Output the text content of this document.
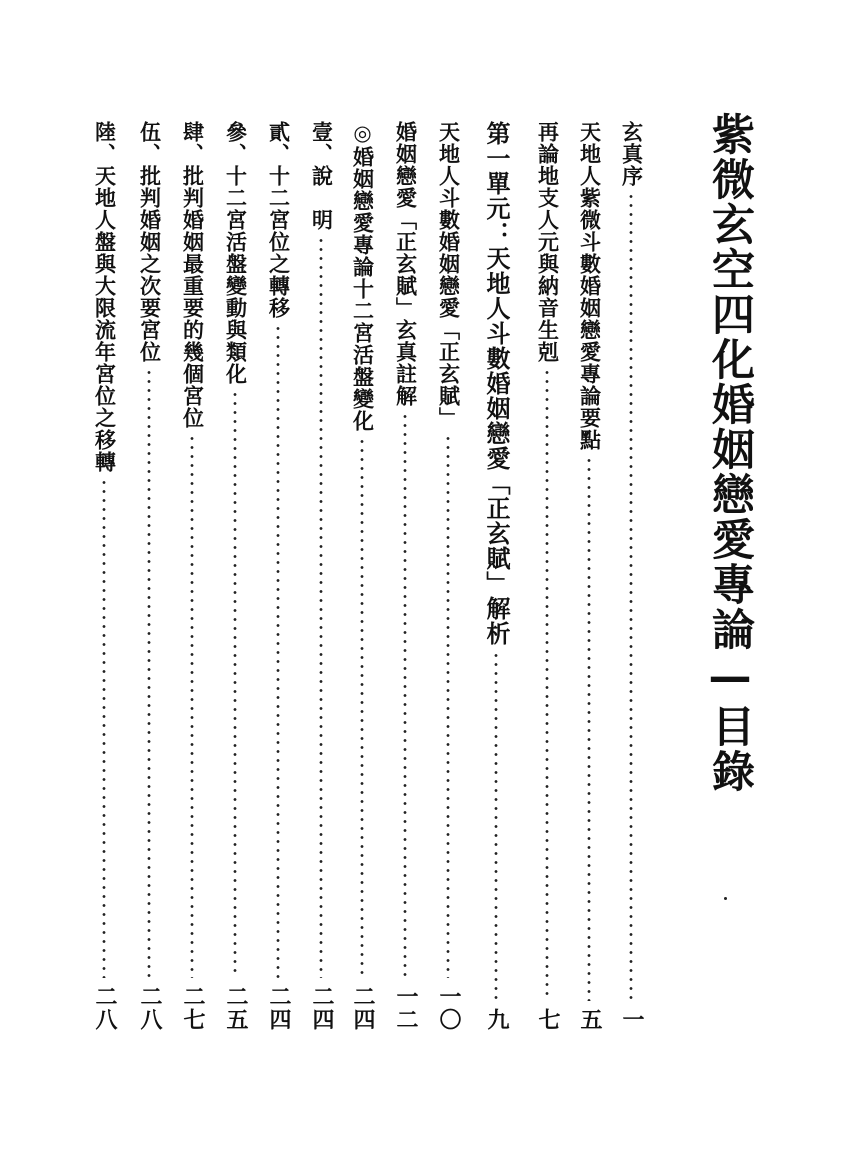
紫微玄空四化婚姻戀愛專論—目錄
玄真序
一
天地人紫微斗數婚姻戀愛專論要點
五
再論地支人元與納音生剋
七
第一單元：天地人斗數婚姻戀愛「正玄賦」解析
九
天地人斗數婚姻戀愛「正玄賦」
一〇
婚姻戀愛「正玄賦」玄真註解
一二
◎婚姻戀愛專論十二宮活盤變化
二四
壹、說　明
二四
貳、十二宮位之轉移
二四
參、十二宮活盤變動與類化
二五
肆、批判婚姻最重要的幾個宮位
二七
伍、批判婚姻之次要宮位
二八
陸、天地人盤與大限流年宮位之移轉
二八
